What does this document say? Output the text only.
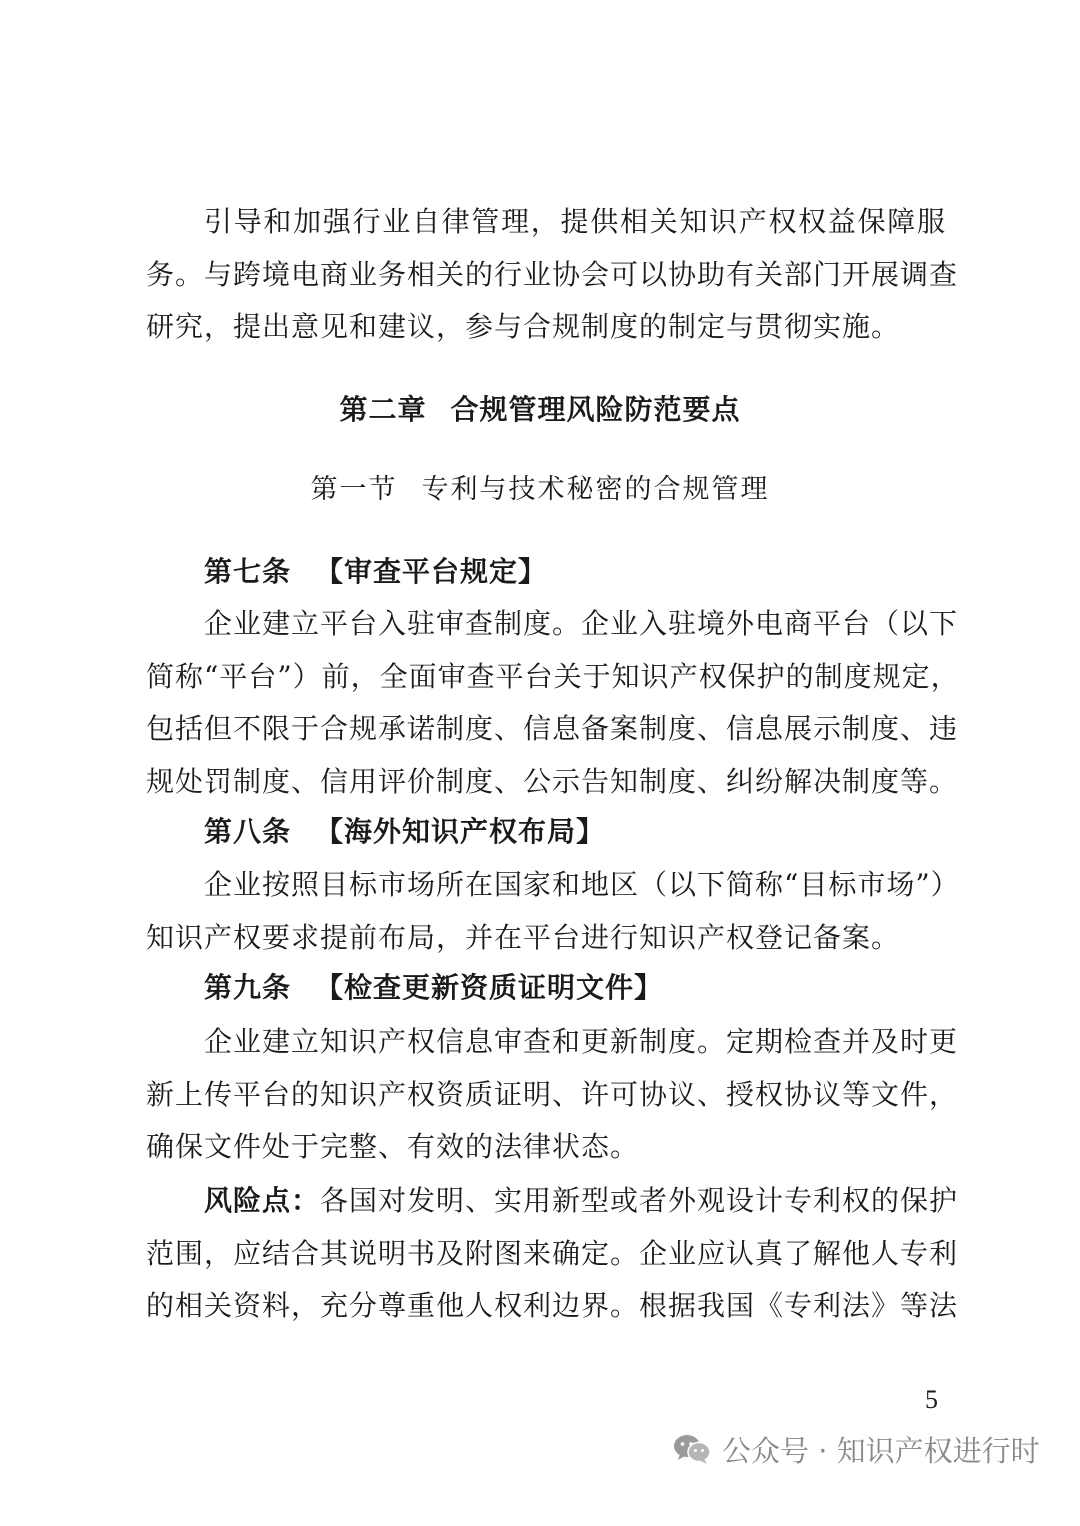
引导和加强行业自律管理，提供相关知识产权权益保障服
务。与跨境电商业务相关的行业协会可以协助有关部门开展调查
研究，提出意见和建议，参与合规制度的制定与贯彻实施。
第二章 合规管理风险防范要点
第一节 专利与技术秘密的合规管理
第七条 【审查平台规定】
企业建立平台入驻审查制度。企业入驻境外电商平台（以下
简称“平台”）前，全面审查平台关于知识产权保护的制度规定，
包括但不限于合规承诺制度、信息备案制度、信息展示制度、违
规处罚制度、信用评价制度、公示告知制度、纠纷解决制度等。
第八条 【海外知识产权布局】
企业按照目标市场所在国家和地区（以下简称“目标市场”）
知识产权要求提前布局，并在平台进行知识产权登记备案。
第九条 【检查更新资质证明文件】
企业建立知识产权信息审查和更新制度。定期检查并及时更
新上传平台的知识产权资质证明、许可协议、授权协议等文件，
确保文件处于完整、有效的法律状态。
风险点：各国对发明、实用新型或者外观设计专利权的保护
范围，应结合其说明书及附图来确定。企业应认真了解他人专利
的相关资料，充分尊重他人权利边界。根据我国《专利法》等法
5
公众号 · 知识产权进行时
